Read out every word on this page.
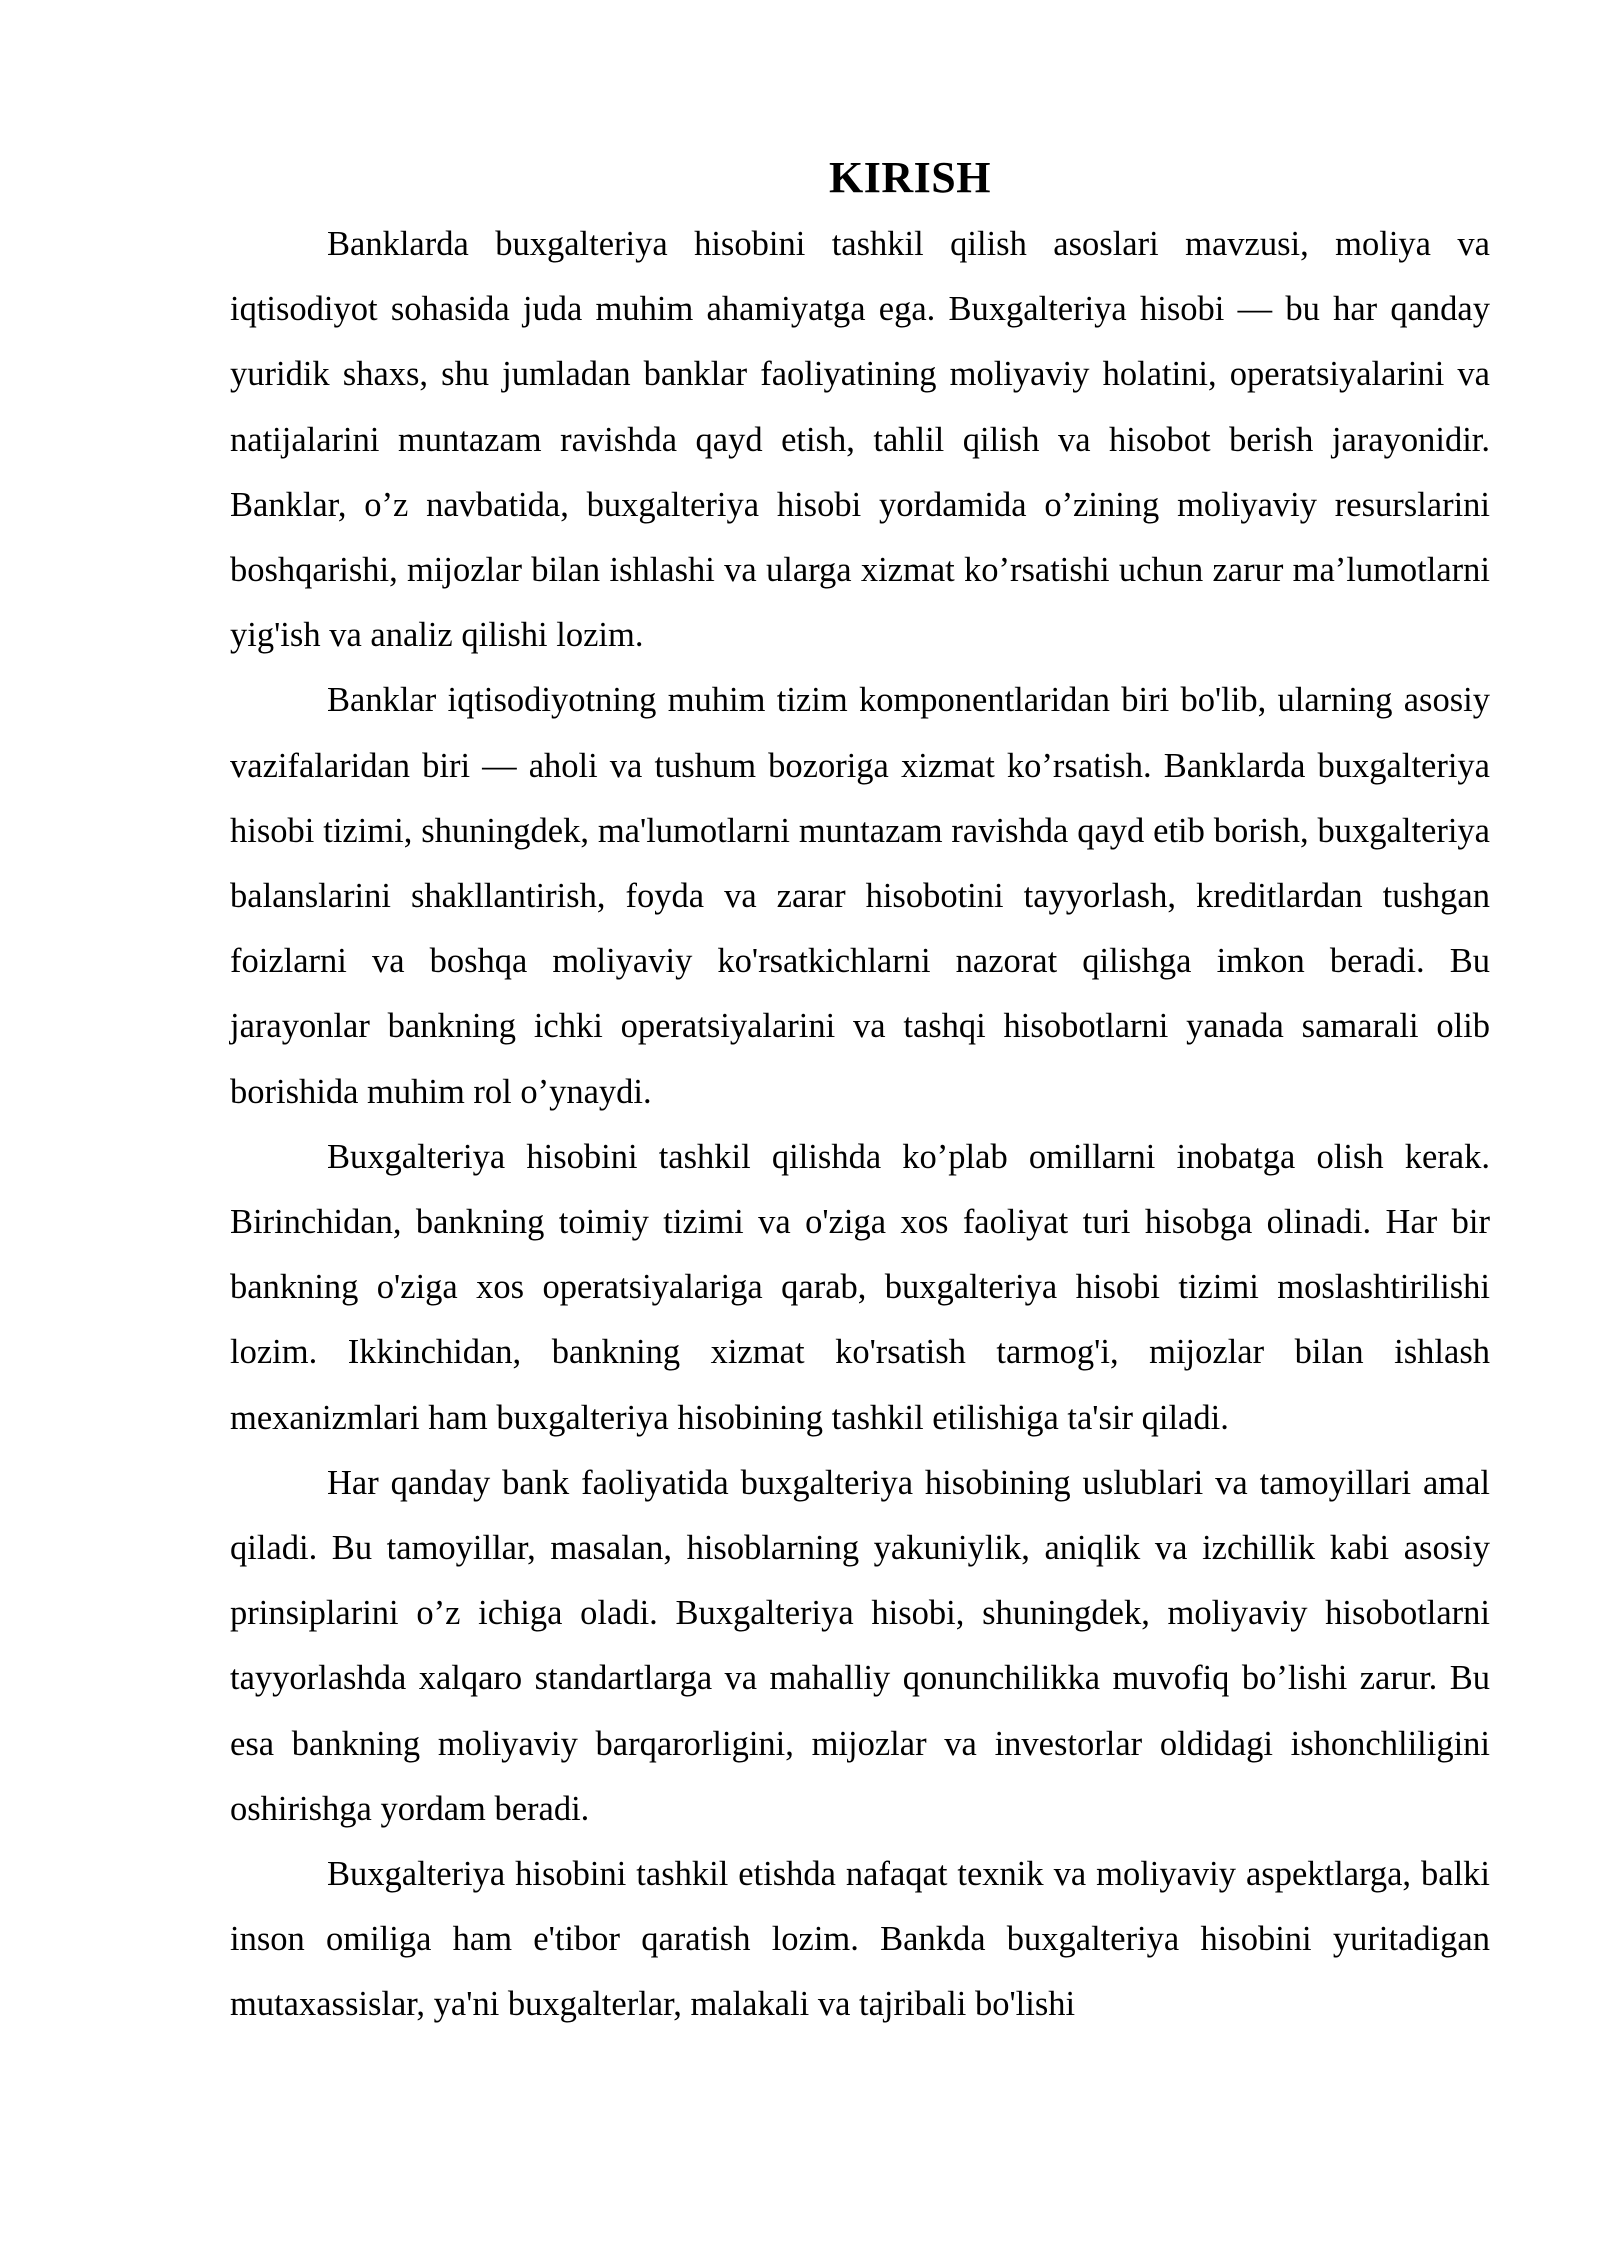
KIRISH

Banklarda buxgalteriya hisobini tashkil qilish asoslari mavzusi, moliya va iqtisodiyot sohasida juda muhim ahamiyatga ega. Buxgalteriya hisobi — bu har qanday yuridik shaxs, shu jumladan banklar faoliyatining moliyaviy holatini, operatsiyalarini va natijalarini muntazam ravishda qayd etish, tahlil qilish va hisobot berish jarayonidir. Banklar, o’z navbatida, buxgalteriya hisobi yordamida o’zining moliyaviy resurslarini boshqarishi, mijozlar bilan ishlashi va ularga xizmat ko’rsatishi uchun zarur ma’lumotlarni yig'ish va analiz qilishi lozim.

Banklar iqtisodiyotning muhim tizim komponentlaridan biri bo'lib, ularning asosiy vazifalaridan biri — aholi va tushum bozoriga xizmat ko’rsatish. Banklarda buxgalteriya hisobi tizimi, shuningdek, ma'lumotlarni muntazam ravishda qayd etib borish, buxgalteriya balanslarini shakllantirish, foyda va zarar hisobotini tayyorlash, kreditlardan tushgan foizlarni va boshqa moliyaviy ko'rsatkichlarni nazorat qilishga imkon beradi. Bu jarayonlar bankning ichki operatsiyalarini va tashqi hisobotlarni yanada samarali olib borishida muhim rol o’ynaydi.

Buxgalteriya hisobini tashkil qilishda ko’plab omillarni inobatga olish kerak. Birinchidan, bankning toimiy tizimi va o'ziga xos faoliyat turi hisobga olinadi. Har bir bankning o'ziga xos operatsiyalariga qarab, buxgalteriya hisobi tizimi moslashtirilishi lozim. Ikkinchidan, bankning xizmat ko'rsatish tarmog'i, mijozlar bilan ishlash mexanizmlari ham buxgalteriya hisobining tashkil etilishiga ta'sir qiladi.

Har qanday bank faoliyatida buxgalteriya hisobining uslublari va tamoyillari amal qiladi. Bu tamoyillar, masalan, hisoblarning yakuniylik, aniqlik va izchillik kabi asosiy prinsiplarini o’z ichiga oladi. Buxgalteriya hisobi, shuningdek, moliyaviy hisobotlarni tayyorlashda xalqaro standartlarga va mahalliy qonunchilikka muvofiq bo’lishi zarur. Bu esa bankning moliyaviy barqarorligini, mijozlar va investorlar oldidagi ishonchliligini oshirishga yordam beradi.

Buxgalteriya hisobini tashkil etishda nafaqat texnik va moliyaviy aspektlarga, balki inson omiliga ham e'tibor qaratish lozim. Bankda buxgalteriya hisobini yuritadigan mutaxassislar, ya'ni buxgalterlar, malakali va tajribali bo'lishi
